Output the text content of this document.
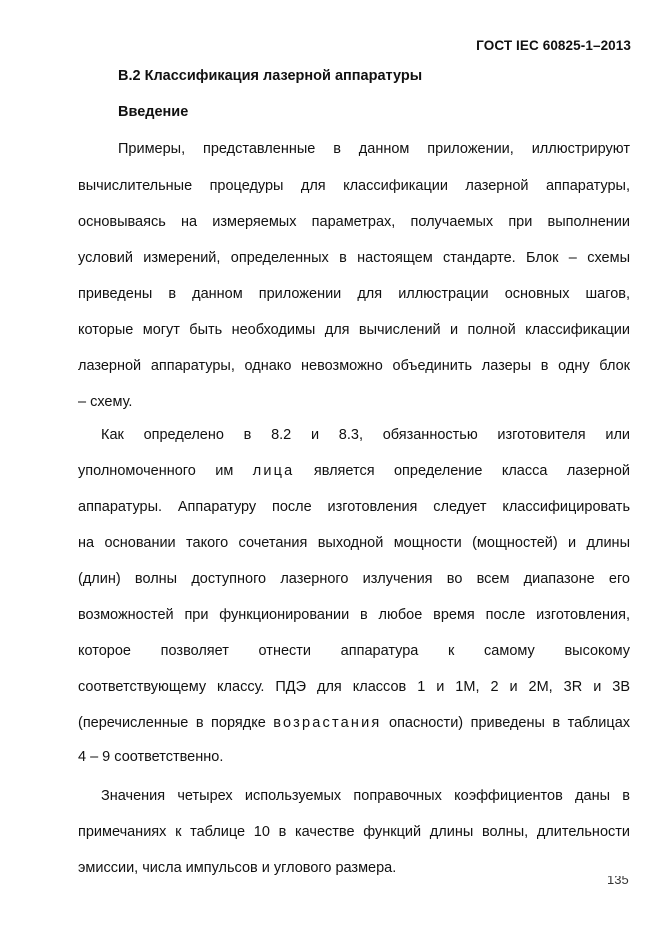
ГОСТ IEC 60825-1–2013
B.2 Классификация лазерной аппаратуры
Введение
Примеры, представленные в данном приложении, иллюстрируют
вычислительные процедуры для классификации лазерной аппаратуры,
основываясь на измеряемых параметрах, получаемых при выполнении
условий измерений, определенных в настоящем стандарте. Блок – схемы
приведены в данном приложении для иллюстрации основных шагов,
которые могут быть необходимы для вычислений и полной классификации
лазерной аппаратуры, однако невозможно объединить лазеры в одну блок
– схему.
Как определено в 8.2 и 8.3, обязанностью изготовителя или
уполномоченного им лица является определение класса лазерной
аппаратуры. Аппаратуру после изготовления следует классифицировать
на основании такого сочетания выходной мощности (мощностей) и длины
(длин) волны доступного лазерного излучения во всем диапазоне его
возможностей при функционировании в любое время после изготовления,
которое позволяет отнести аппаратура к самому высокому
соответствующему классу. ПДЭ для классов 1 и 1М, 2 и 2М, 3R и 3В
(перечисленные в порядке возрастания опасности) приведены в таблицах
4 – 9 соответственно.
Значения четырех используемых поправочных коэффициентов даны в
примечаниях к таблице 10 в качестве функций длины волны, длительности
эмиссии, числа импульсов и углового размера.
135
